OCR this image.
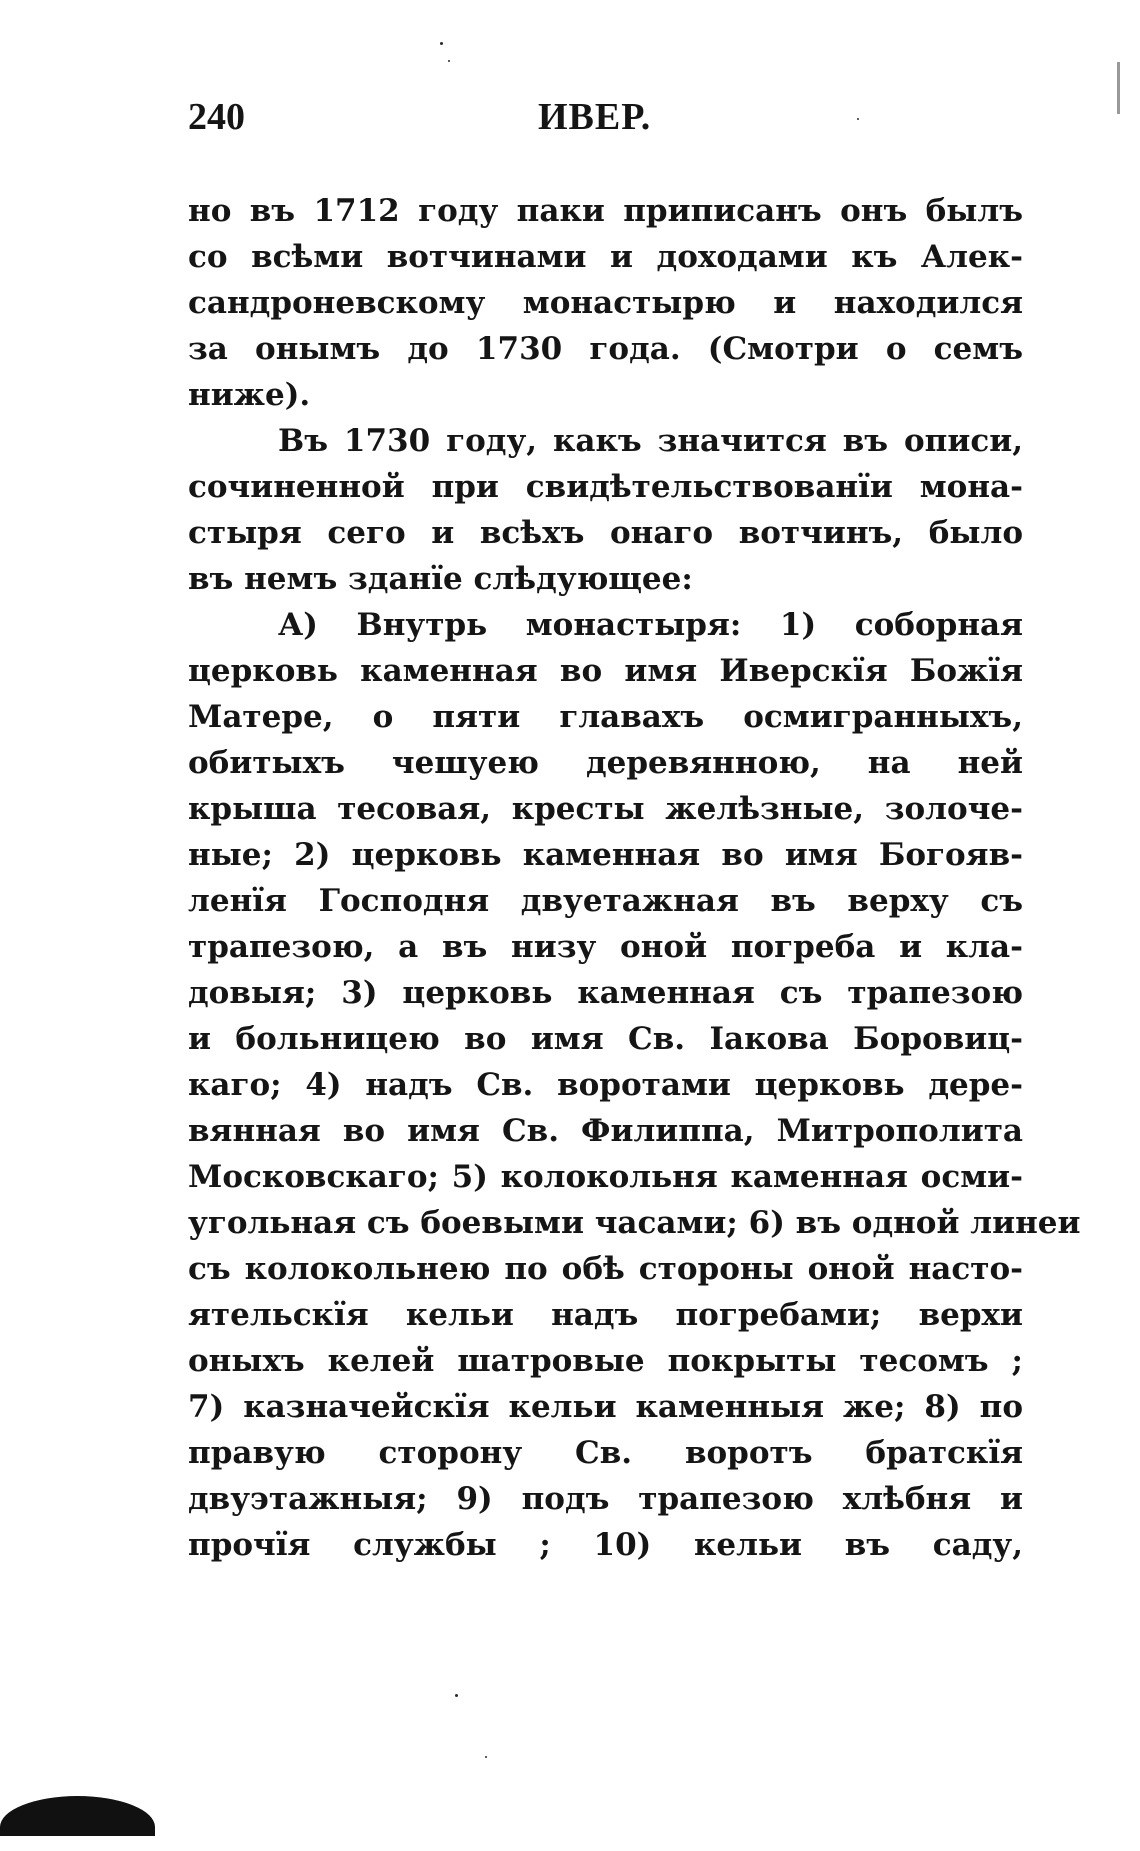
240	ИВЕР.
но въ 1712 году паки приписанъ онъ былъ
со всѣми вотчинами и доходами къ Алек-
сандроневскому монастырю и находился
за онымъ до 1730 года. (Смотри о семъ
ниже).
Въ 1730 году, какъ значится въ описи,
сочиненной при свидѣтельствованїи мона-
стыря сего и всѣхъ онаго вотчинъ, было
въ немъ зданїе слѣдующее:
А) Внутрь монастыря: 1) соборная
церковь каменная во имя Иверскїя Божїя
Матере, о пяти главахъ осмигранныхъ,
обитыхъ чешуею деревянною, на ней
крыша тесовая, кресты желѣзные, золоче-
ные; 2) церковь каменная во имя Богояв-
ленїя Господня двуетажная въ верху съ
трапезою, а въ низу оной погреба и кла-
довыя; 3) церковь каменная съ трапезою
и больницею во имя Св. Iакова Боровиц-
каго; 4) надъ Св. воротами церковь дере-
вянная во имя Св. Филиппа, Митрополита
Московскаго; 5) колокольня каменная осми-
угольная съ боевыми часами; 6) въ одной линеи
съ колокольнею по обѣ стороны оной насто-
ятельскїя кельи надъ погребами; верхи
оныхъ келей шатровые покрыты тесомъ ;
7) казначейскїя кельи каменныя же; 8) по
правую сторону Св. воротъ братскїя
двуэтажныя; 9) подъ трапезою хлѣбня и
прочїя службы ; 10) кельи въ саду,
